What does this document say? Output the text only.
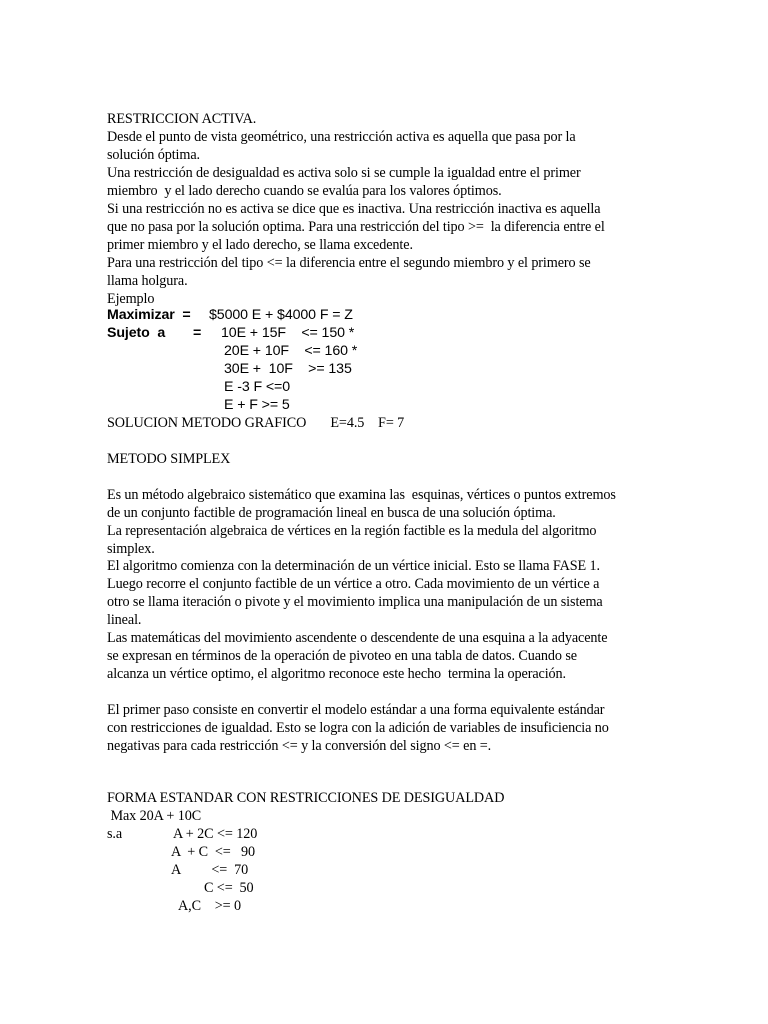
RESTRICCION ACTIVA.
Desde el punto de vista geométrico, una restricción activa es aquella que pasa por la
solución óptima.
Una restricción de desigualdad es activa solo si se cumple la igualdad entre el primer
miembro  y el lado derecho cuando se evalúa para los valores óptimos.
Si una restricción no es activa se dice que es inactiva. Una restricción inactiva es aquella
que no pasa por la solución optima. Para una restricción del tipo >=  la diferencia entre el
primer miembro y el lado derecho, se llama excedente.
Para una restricción del tipo <= la diferencia entre el segundo miembro y el primero se
llama holgura.
Ejemplo
Maximizar  = $5000 E + $4000 F = Z
Sujeto  a = 10E + 15F    <= 150 *
20E + 10F    <= 160 *
30E +  10F    >= 135
E -3 F <=0
E + F >= 5
SOLUCION METODO GRAFICO       E=4.5    F= 7
METODO SIMPLEX
Es un método algebraico sistemático que examina las  esquinas, vértices o puntos extremos
de un conjunto factible de programación lineal en busca de una solución óptima.
La representación algebraica de vértices en la región factible es la medula del algoritmo
simplex.
El algoritmo comienza con la determinación de un vértice inicial. Esto se llama FASE 1.
Luego recorre el conjunto factible de un vértice a otro. Cada movimiento de un vértice a
otro se llama iteración o pivote y el movimiento implica una manipulación de un sistema
lineal.
Las matemáticas del movimiento ascendente o descendente de una esquina a la adyacente
se expresan en términos de la operación de pivoteo en una tabla de datos. Cuando se
alcanza un vértice optimo, el algoritmo reconoce este hecho  termina la operación.
El primer paso consiste en convertir el modelo estándar a una forma equivalente estándar
con restricciones de igualdad. Esto se logra con la adición de variables de insuficiencia no
negativas para cada restricción <= y la conversión del signo <= en =.
FORMA ESTANDAR CON RESTRICCIONES DE DESIGUALDAD
Max 20A + 10C
s.a	A + 2C <= 120
A  + C  <=   90
A         <=  70
C <=  50
A,C    >= 0
